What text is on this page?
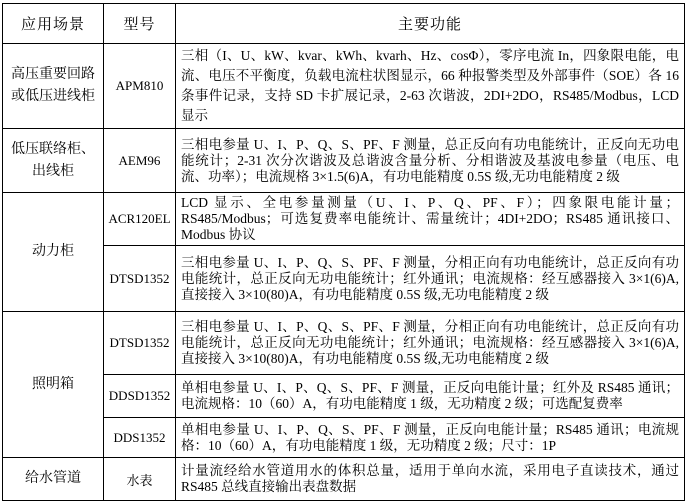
应用场景	型号	主要功能
高压重要回路或低压进线柜	APM810	三相（I、U、kW、kvar、kWh、kvarh、Hz、cosΦ），零序电流 In，四象限电能，电流、电压不平衡度，负载电流柱状图显示，66 种报警类型及外部事件（SOE）各 16 条事件记录，支持 SD 卡扩展记录，2-63 次谐波，2DI+2DO，RS485/Modbus，LCD 显示
低压联络柜、出线柜	AEM96	三相电参量 U、I、P、Q、S、PF、F 测量，总正反向有功电能统计，正反向无功电能统计；2-31 次分次谐波及总谐波含量分析、分相谐波及基波电参量（电压、电流、功率）；电流规格 3×1.5(6)A，有功电能精度 0.5S 级,无功电能精度 2 级
动力柜	ACR120EL	LCD 显示、全电参量测量（U、I、P、Q、PF、F）；四象限电能计量；RS485/Modbus；可选复费率电能统计、需量统计；4DI+2DO；RS485 通讯接口、Modbus 协议
	DTSD1352	三相电参量 U、I、P、Q、S、PF、F 测量，分相正向有功电能统计，总正反向有功电能统计，总正反向无功电能统计；红外通讯；电流规格：经互感器接入 3×1(6)A,直接接入 3×10(80)A，有功电能精度 0.5S 级,无功电能精度 2 级
照明箱	DTSD1352	三相电参量 U、I、P、Q、S、PF、F 测量，分相正向有功电能统计，总正反向有功电能统计，总正反向无功电能统计；红外通讯；电流规格：经互感器接入 3×1(6)A,直接接入 3×10(80)A，有功电能精度 0.5S 级,无功电能精度 2 级
	DDSD1352	单相电参量 U、I、P、Q、S、PF、F 测量，正反向电能计量；红外及 RS485 通讯；电流规格：10（60）A，有功电能精度 1 级，无功精度 2 级；可选配复费率
	DDS1352	单相电参量 U、I、P、Q、S、PF、F 测量，正反向电能计量；RS485 通讯；电流规格：10（60）A，有功电能精度 1 级，无功精度 2 级；尺寸：1P
给水管道	水表	计量流经给水管道用水的体积总量，适用于单向水流，采用电子直读技术，通过 RS485 总线直接输出表盘数据
